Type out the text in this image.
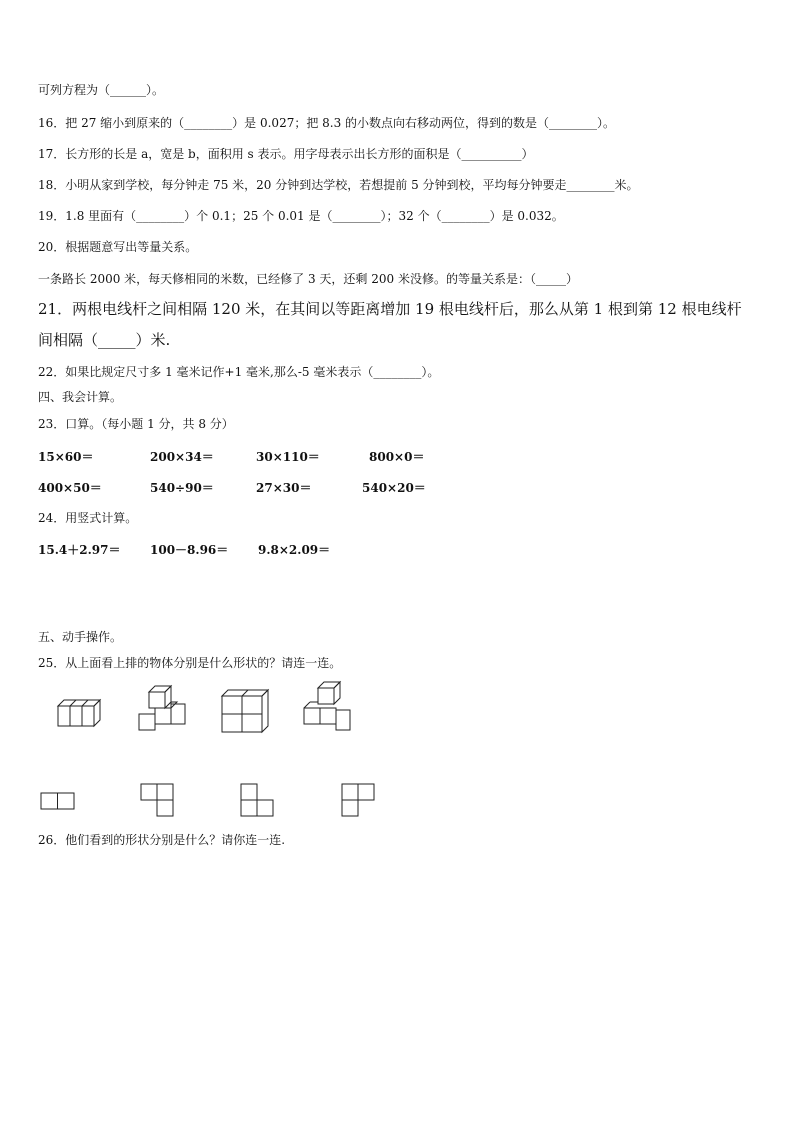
可列方程为（______）。
16．把 27 缩小到原来的（________）是 0.027；把 8.3 的小数点向右移动两位，得到的数是（________）。
17．长方形的长是 a，宽是 b，面积用 s 表示。用字母表示出长方形的面积是（__________）
18．小明从家到学校，每分钟走 75 米，20 分钟到达学校，若想提前 5 分钟到校，平均每分钟要走________米。
19．1.8 里面有（________）个 0.1；25 个 0.01 是（________）；32 个（________）是 0.032。
20．根据题意写出等量关系。
一条路长 2000 米，每天修相同的米数，已经修了 3 天，还剩 200 米没修。的等量关系是：（_____）
21．两根电线杆之间相隔 120 米，在其间以等距离增加 19 根电线杆后，那么从第 1 根到第 12 根电线杆
间相隔（_____）米.
22．如果比规定尺寸多 1 毫米记作+1 毫米,那么-5 毫米表示（________）。
四、我会计算。
23．口算。（每小题 1 分，共 8 分）
15×60＝	200×34＝	30×110＝	800×0＝
400×50＝	540÷90＝	27×30＝	540×20＝
24．用竖式计算。
15.4＋2.97＝ 100－8.96＝ 9.8×2.09＝
五、动手操作。
25．从上面看上排的物体分别是什么形状的？请连一连。
26．他们看到的形状分别是什么？请你连一连.
